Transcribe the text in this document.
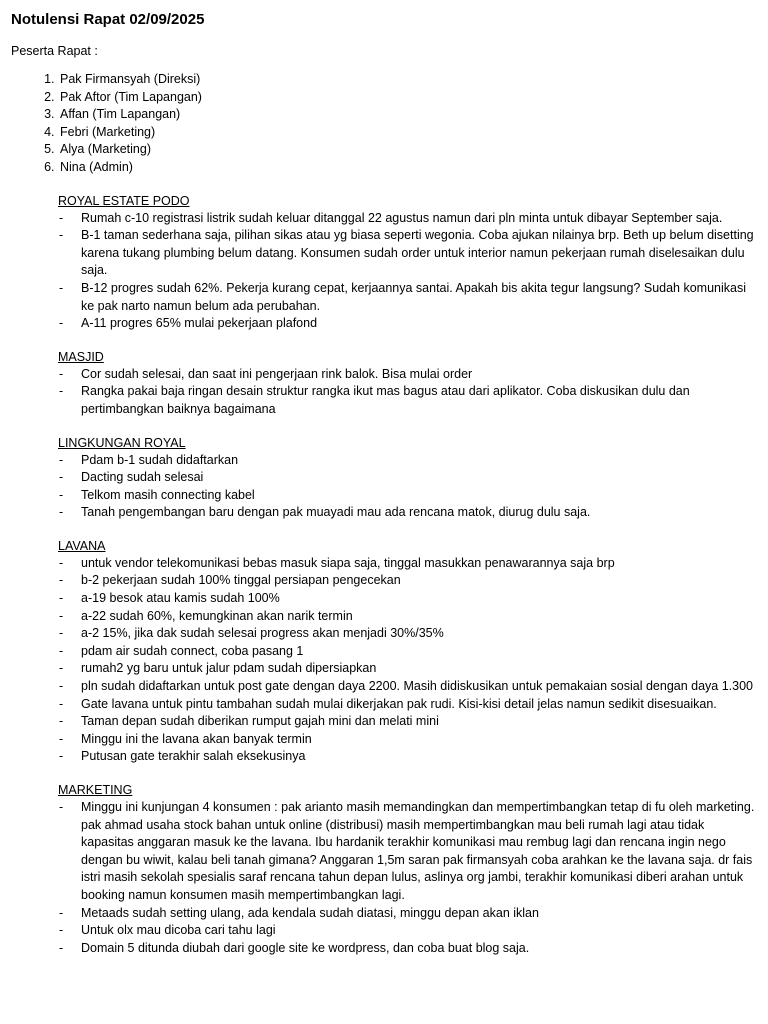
Notulensi Rapat 02/09/2025
Peserta Rapat :
1. Pak Firmansyah (Direksi)
2. Pak Aftor (Tim Lapangan)
3. Affan (Tim Lapangan)
4. Febri (Marketing)
5. Alya (Marketing)
6. Nina (Admin)
ROYAL ESTATE PODO
- Rumah c-10 registrasi listrik sudah keluar ditanggal 22 agustus namun dari pln minta untuk dibayar September saja.
- B-1 taman sederhana saja, pilihan sikas atau yg biasa seperti wegonia. Coba ajukan nilainya brp. Beth up belum disetting karena tukang plumbing belum datang. Konsumen sudah order untuk interior namun pekerjaan rumah diselesaikan dulu saja.
- B-12 progres sudah 62%. Pekerja kurang cepat, kerjaannya santai. Apakah bis akita tegur langsung? Sudah komunikasi ke pak narto namun belum ada perubahan.
- A-11 progres 65% mulai pekerjaan plafond
MASJID
- Cor sudah selesai, dan saat ini pengerjaan rink balok. Bisa mulai order
- Rangka pakai baja ringan desain struktur rangka ikut mas bagus atau dari aplikator. Coba diskusikan dulu dan pertimbangkan baiknya bagaimana
LINGKUNGAN ROYAL
- Pdam b-1 sudah didaftarkan
- Dacting sudah selesai
- Telkom masih connecting kabel
- Tanah pengembangan baru dengan pak muayadi mau ada rencana matok, diurug dulu saja.
LAVANA
- untuk vendor telekomunikasi bebas masuk siapa saja, tinggal masukkan penawarannya saja brp
- b-2 pekerjaan sudah 100% tinggal persiapan pengecekan
- a-19 besok atau kamis sudah 100%
- a-22 sudah 60%, kemungkinan akan narik termin
- a-2 15%, jika dak sudah selesai progress akan menjadi 30%/35%
- pdam air sudah connect, coba pasang 1
- rumah2 yg baru untuk jalur pdam sudah dipersiapkan
- pln sudah didaftarkan untuk post gate dengan daya 2200. Masih didiskusikan untuk pemakaian sosial dengan daya 1.300
- Gate lavana untuk pintu tambahan sudah mulai dikerjakan pak rudi. Kisi-kisi detail jelas namun sedikit disesuaikan.
- Taman depan sudah diberikan rumput gajah mini dan melati mini
- Minggu ini the lavana akan banyak termin
- Putusan gate terakhir salah eksekusinya
MARKETING
- Minggu ini kunjungan 4 konsumen : pak arianto masih memandingkan dan mempertimbangkan tetap di fu oleh marketing. pak ahmad usaha stock bahan untuk online (distribusi) masih mempertimbangkan mau beli rumah lagi atau tidak kapasitas anggaran masuk ke the lavana. Ibu hardanik terakhir komunikasi mau rembug lagi dan rencana ingin nego dengan bu wiwit, kalau beli tanah gimana? Anggaran 1,5m saran pak firmansyah coba arahkan ke the lavana saja. dr fais istri masih sekolah spesialis saraf rencana tahun depan lulus, aslinya org jambi, terakhir komunikasi diberi arahan untuk booking namun konsumen masih mempertimbangkan lagi.
- Metaads sudah setting ulang, ada kendala sudah diatasi, minggu depan akan iklan
- Untuk olx mau dicoba cari tahu lagi
- Domain 5 ditunda diubah dari google site ke wordpress, dan coba buat blog saja.
